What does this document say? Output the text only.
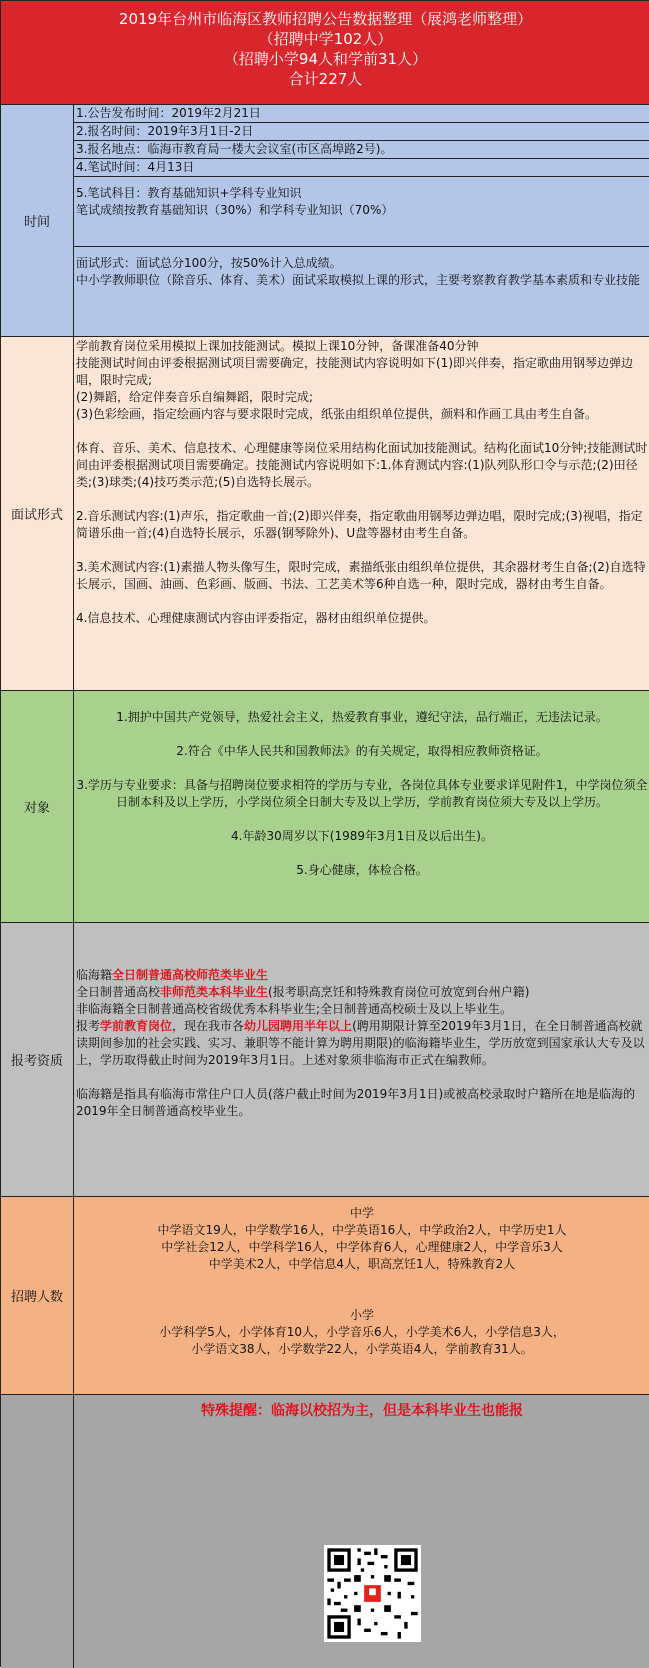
2019年台州市临海区教师招聘公告数据整理（展鸿老师整理）
（招聘中学102人）
（招聘小学94人和学前31人）
合计227人
时间
1.公告发布时间：2019年2月21日
2.报名时间：2019年3月1日-2日
3.报名地点：临海市教育局一楼大会议室(市区高埠路2号)。
4.笔试时间：4月13日
5.笔试科目：教育基础知识+学科专业知识
笔试成绩按教育基础知识（30%）和学科专业知识（70%）
面试形式：面试总分100分，按50%计入总成绩。
中小学教师职位（除音乐、体育、美术）面试采取模拟上课的形式，主要考察教育教学基本素质和专业技能
面试形式
学前教育岗位采用模拟上课加技能测试。模拟上课10分钟，备课准备40分钟
技能测试时间由评委根据测试项目需要确定，技能测试内容说明如下(1)即兴伴奏，指定歌曲用钢琴边弹边唱，限时完成;
(2)舞蹈，给定伴奏音乐自编舞蹈，限时完成;
(3)色彩绘画，指定绘画内容与要求限时完成，纸张由组织单位提供，颜料和作画工具由考生自备。
体育、音乐、美术、信息技术、心理健康等岗位采用结构化面试加技能测试。结构化面试10分钟;技能测试时间由评委根据测试项目需要确定。技能测试内容说明如下:1.体育测试内容:(1)队列队形口令与示范;(2)田径类;(3)球类;(4)技巧类示范;(5)自选特长展示。
2.音乐测试内容:(1)声乐，指定歌曲一首;(2)即兴伴奏，指定歌曲用钢琴边弹边唱，限时完成;(3)视唱，指定简谱乐曲一首;(4)自选特长展示，乐器(钢琴除外)、U盘等器材由考生自备。
3.美术测试内容:(1)素描人物头像写生，限时完成，素描纸张由组织单位提供，其余器材考生自备;(2)自选特长展示，国画、油画、色彩画、版画、书法、工艺美术等6种自选一种，限时完成，器材由考生自备。
4.信息技术、心理健康测试内容由评委指定，器材由组织单位提供。
对象
1.拥护中国共产党领导，热爱社会主义，热爱教育事业，遵纪守法，品行端正，无违法记录。
2.符合《中华人民共和国教师法》的有关规定，取得相应教师资格证。
3.学历与专业要求：具备与招聘岗位要求相符的学历与专业，各岗位具体专业要求详见附件1，中学岗位须全日制本科及以上学历，小学岗位须全日制大专及以上学历，学前教育岗位须大专及以上学历。
4.年龄30周岁以下(1989年3月1日及以后出生)。
5.身心健康，体检合格。
报考资质
临海籍全日制普通高校师范类毕业生
全日制普通高校非师范类本科毕业生(报考职高烹饪和特殊教育岗位可放宽到台州户籍)
非临海籍全日制普通高校省级优秀本科毕业生;全日制普通高校硕士及以上毕业生。
报考学前教育岗位，现在我市各幼儿园聘用半年以上(聘用期限计算至2019年3月1日，在全日制普通高校就读期间参加的社会实践、实习、兼职等不能计算为聘用期限)的临海籍毕业生，学历放宽到国家承认大专及以上，学历取得截止时间为2019年3月1日。上述对象须非临海市正式在编教师。
临海籍是指具有临海市常住户口人员(落户截止时间为2019年3月1日)或被高校录取时户籍所在地是临海的2019年全日制普通高校毕业生。
招聘人数
中学
中学语文19人，中学数学16人，中学英语16人，中学政治2人，中学历史1人
中学社会12人，中学科学16人，中学体育6人，心理健康2人，中学音乐3人
中学美术2人，中学信息4人，职高烹饪1人，特殊教育2人
小学
小学科学5人，小学体育10人，小学音乐6人，小学美术6人，小学信息3人，
小学语文38人，小学数学22人，小学英语4人，学前教育31人。
特殊提醒：临海以校招为主，但是本科毕业生也能报
